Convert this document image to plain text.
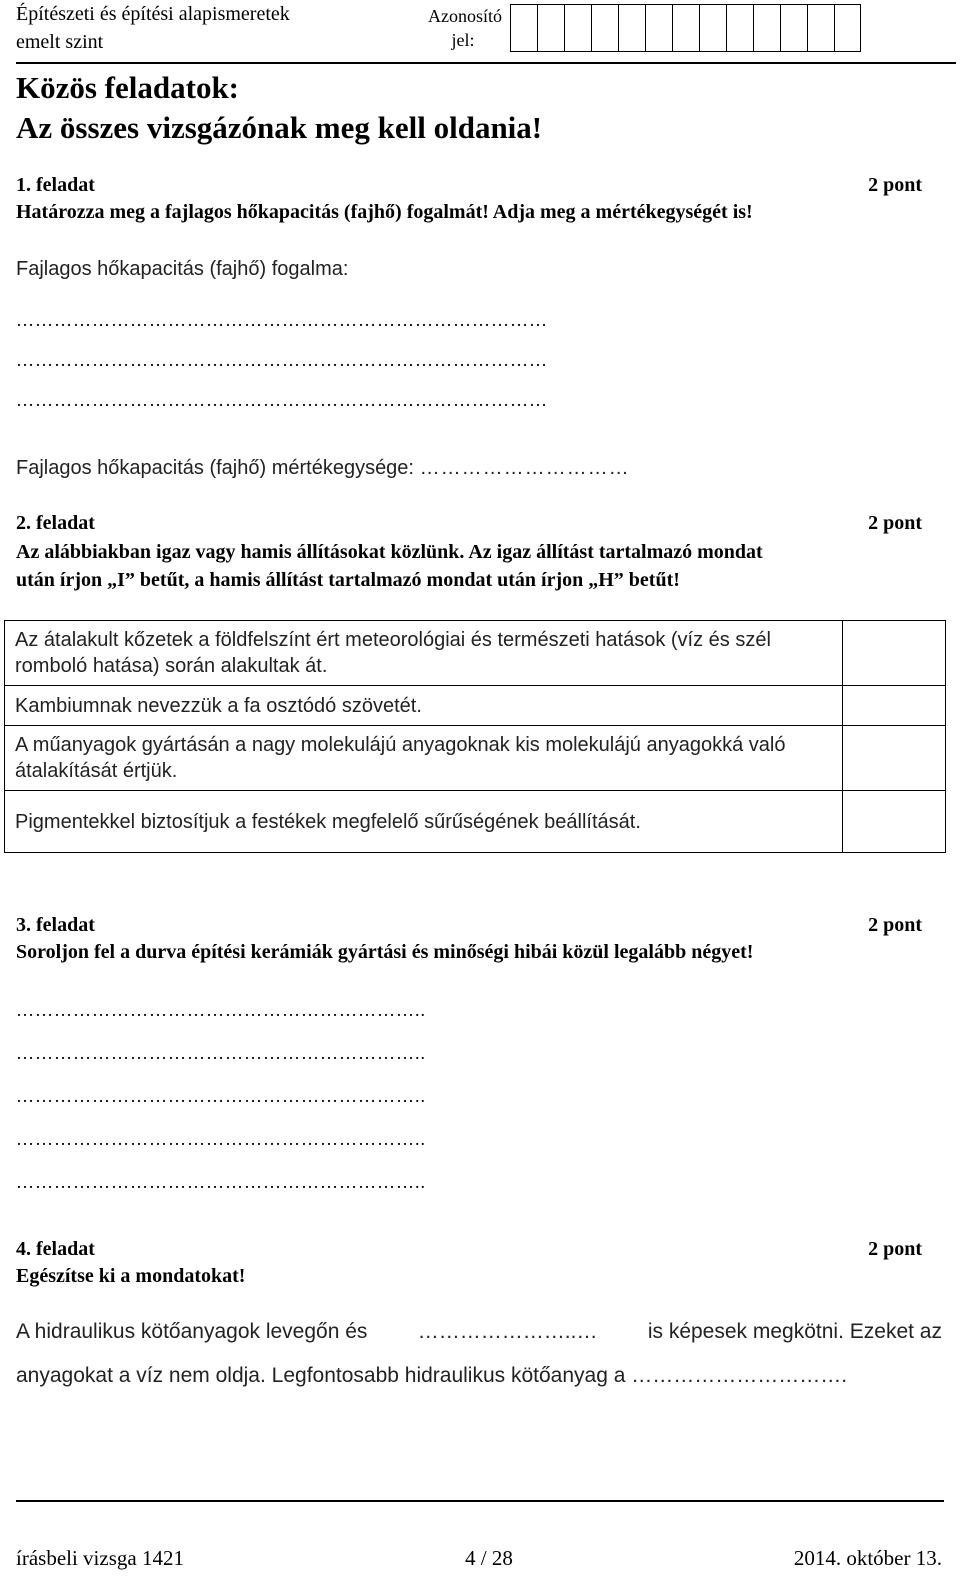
Építészeti és építési alapismeretek
emelt szint
Azonosító
jel:
Közös feladatok:
Az összes vizsgázónak meg kell oldania!
1. feladat	2 pont
Határozza meg a fajlagos hőkapacitás (fajhő) fogalmát! Adja meg a mértékegységét is!
Fajlagos hőkapacitás (fajhő) fogalma:
…………………………………………………………………………
…………………………………………………………………………
…………………………………………………………………………
Fajlagos hőkapacitás (fajhő) mértékegysége: …………………………
2. feladat	2 pont
Az alábbiakban igaz vagy hamis állításokat közlünk. Az igaz állítást tartalmazó mondat
után írjon „I” betűt, a hamis állítást tartalmazó mondat után írjon „H” betűt!
Az átalakult kőzetek a földfelszínt ért meteorológiai és természeti hatások (víz és szél romboló hatása) során alakultak át.	
Kambiumnak nevezzük a fa osztódó szövetét.	
A műanyagok gyártásán a nagy molekulájú anyagoknak kis molekulájú anyagokká való átalakítását értjük.	
Pigmentekkel biztosítjuk a festékek megfelelő sűrűségének beállítását.	
3. feladat	2 pont
Soroljon fel a durva építési kerámiák gyártási és minőségi hibái közül legalább négyet!
………………………………………………………..
………………………………………………………..
………………………………………………………..
………………………………………………………..
………………………………………………………..
4. feladat	2 pont
Egészítse ki a mondatokat!
A hidraulikus kötőanyagok levegőn és …………………..… is képesek megkötni. Ezeket az
anyagokat a víz nem oldja. Legfontosabb hidraulikus kötőanyag a ………………………….
írásbeli vizsga 1421	4 / 28	2014. október 13.
